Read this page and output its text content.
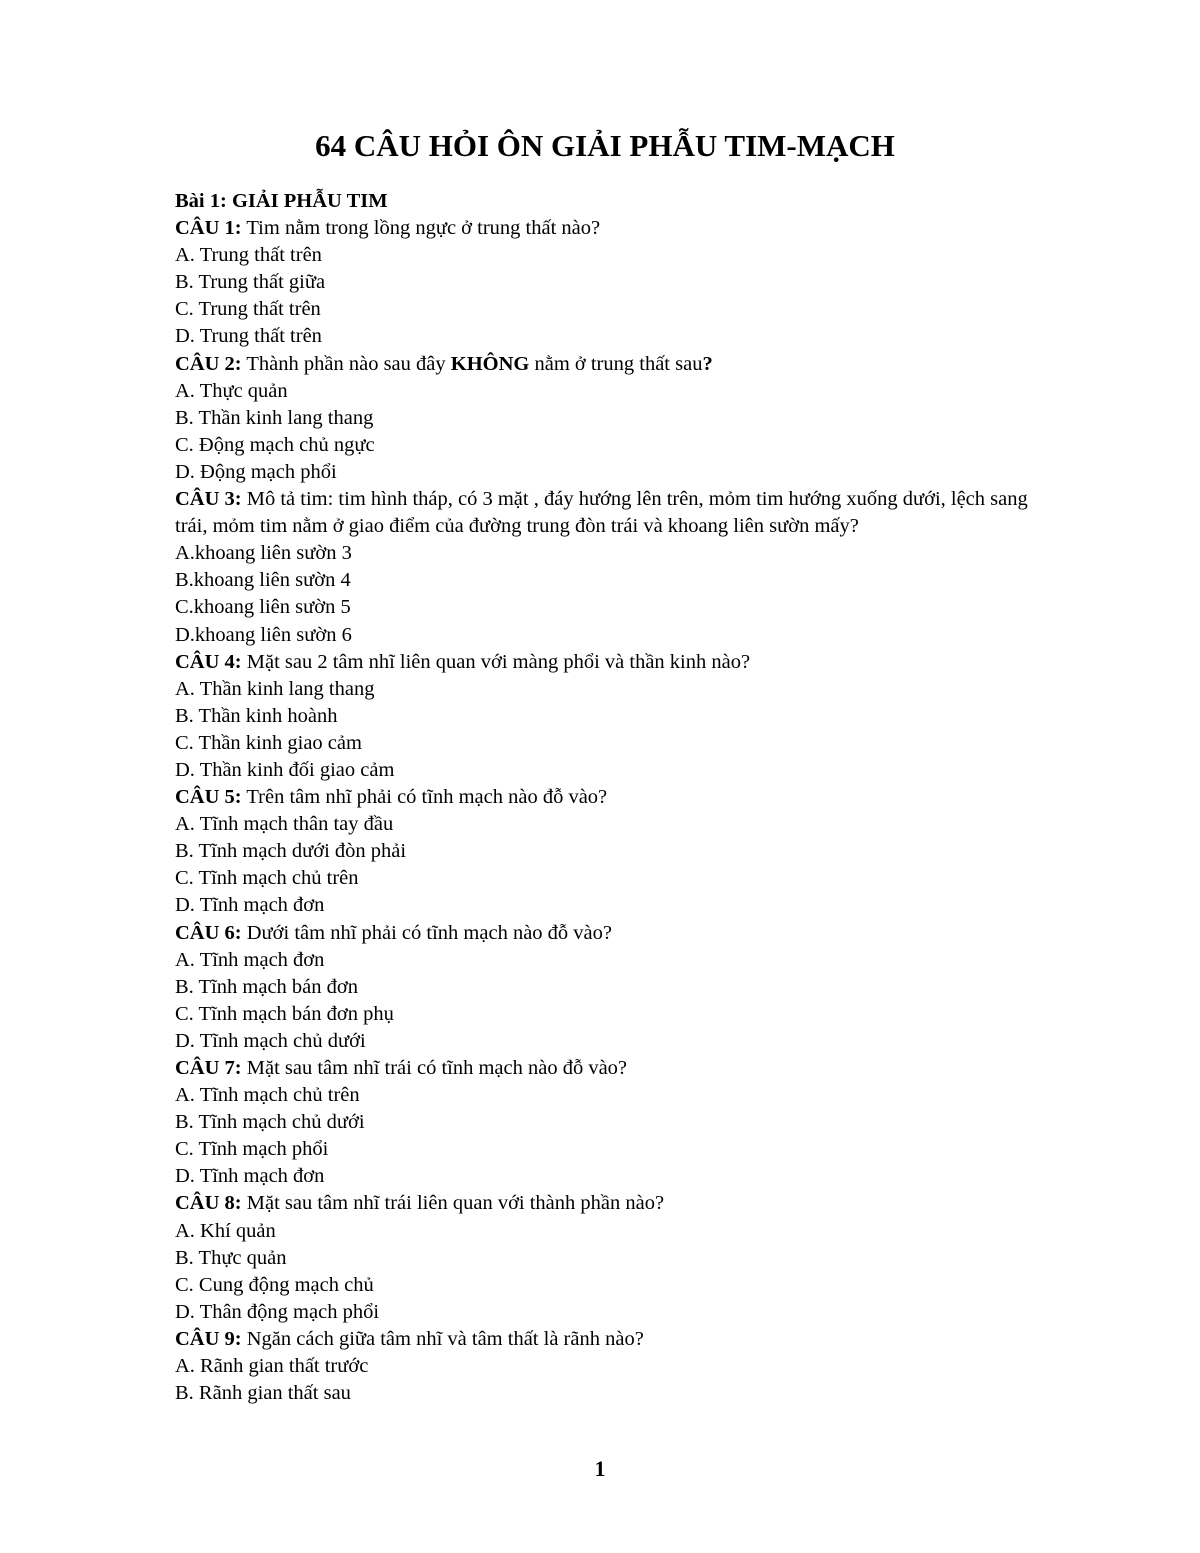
64 CÂU HỎI ÔN GIẢI PHẪU TIM-MẠCH
Bài 1: GIẢI PHẪU TIM
CÂU 1: Tim nằm trong lồng ngực ở trung thất nào?
A. Trung thất trên
B. Trung thất giữa
C. Trung thất trên
D. Trung thất trên
CÂU 2: Thành phần nào sau đây KHÔNG nằm ở trung thất sau?
A. Thực quản
B. Thần kinh lang thang
C. Động mạch chủ ngực
D. Động mạch phổi
CÂU 3: Mô tả tim: tim hình tháp, có 3 mặt , đáy hướng lên trên, mỏm tim hướng xuống dưới, lệch sang trái, mỏm tim nằm ở giao điểm của đường trung đòn trái và khoang liên sườn mấy?
A.khoang liên sườn 3
B.khoang liên sườn 4
C.khoang liên sườn 5
D.khoang liên sườn 6
CÂU 4: Mặt sau 2 tâm nhĩ liên quan với màng phổi và thần kinh nào?
A. Thần kinh lang thang
B. Thần kinh hoành
C. Thần kinh giao cảm
D. Thần kinh đối giao cảm
CÂU 5: Trên tâm nhĩ phải có tĩnh mạch nào đỗ vào?
A. Tĩnh mạch thân tay đầu
B. Tĩnh mạch dưới đòn phải
C. Tĩnh mạch chủ trên
D. Tĩnh mạch đơn
CÂU 6: Dưới tâm nhĩ phải có tĩnh mạch nào đỗ vào?
A. Tĩnh mạch đơn
B. Tĩnh mạch bán đơn
C. Tĩnh mạch bán đơn phụ
D. Tĩnh mạch chủ dưới
CÂU 7: Mặt sau tâm nhĩ trái có tĩnh mạch nào đỗ vào?
A. Tĩnh mạch chủ trên
B. Tĩnh mạch chủ dưới
C. Tĩnh mạch phổi
D. Tĩnh mạch đơn
CÂU 8: Mặt sau tâm nhĩ trái liên quan với thành phần nào?
A. Khí quản
B. Thực quản
C. Cung động mạch chủ
D. Thân động mạch phổi
CÂU 9: Ngăn cách giữa tâm nhĩ và tâm thất là rãnh nào?
A. Rãnh gian thất trước
B. Rãnh gian thất sau
1
